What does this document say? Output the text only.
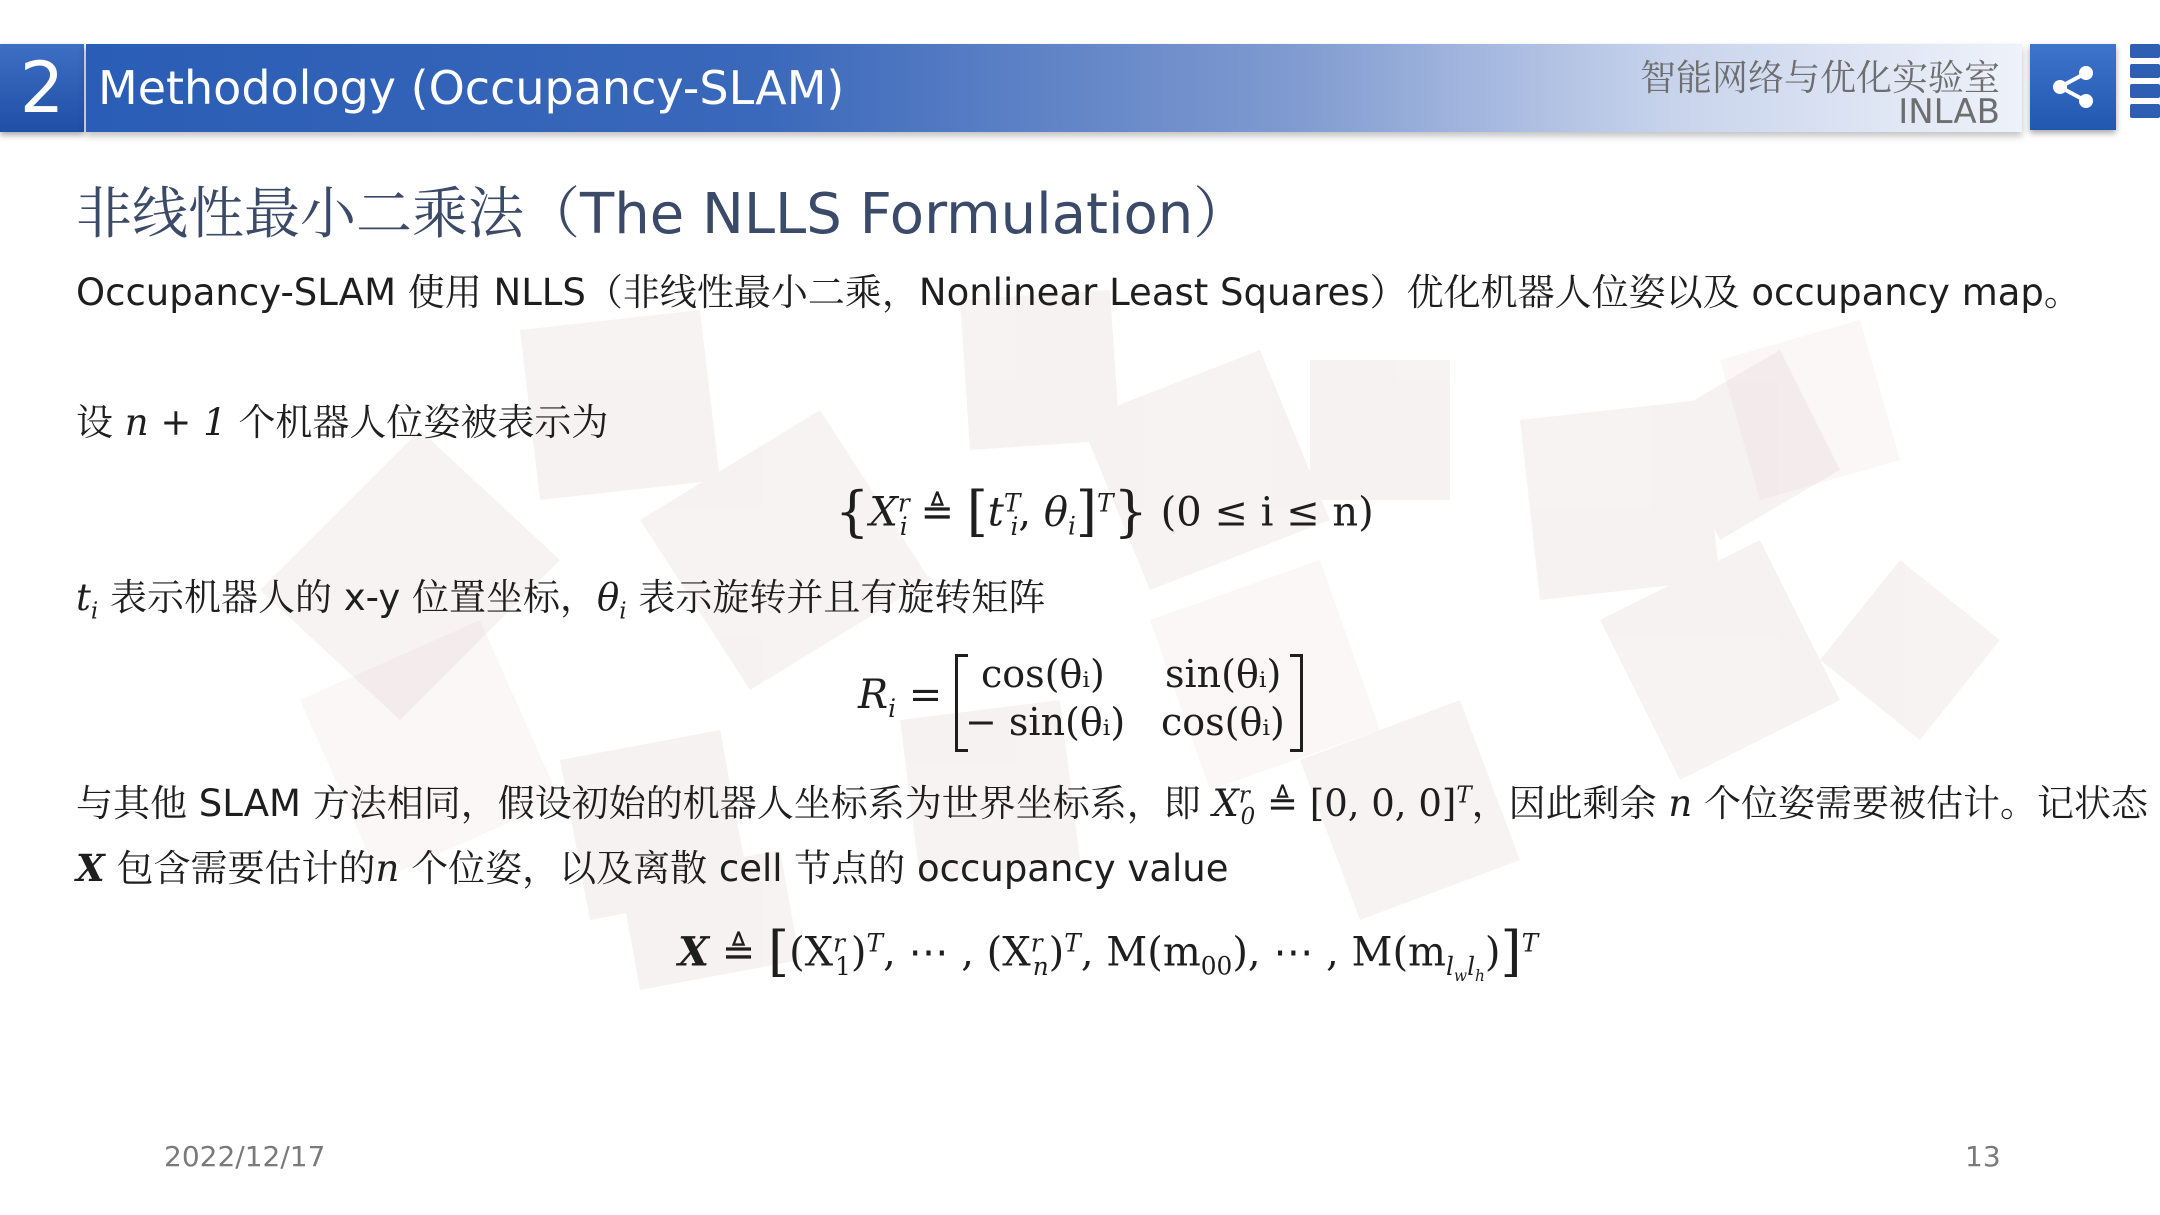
2 Methodology (Occupancy-SLAM)	智能网络与优化实验室
INLAB
非线性最小二乘法（The NLLS Formulation）
Occupancy-SLAM 使用 NLLS（非线性最小二乘，Nonlinear Least Squares）优化机器人位姿以及 occupancy map。
设 n + 1 个机器人位姿被表示为
{$X^r_i$ ≜ [$t^T_i$, $\theta_i]^T$} (0 ≤ i ≤ n)
$t_i$ 表示机器人的 x-y 位置坐标，$\theta_i$ 表示旋转并且有旋转矩阵
$R_i$ = cos(θᵢ) sin(θᵢ)
− sin(θᵢ) cos(θᵢ)
与其他 SLAM 方法相同，假设初始的机器人坐标系为世界坐标系，即 $X^r_0$ ≜ [0, 0, 0]$^T$，因此剩余 n 个位姿需要被估计。记状态
X 包含需要估计的n 个位姿，以及离散 cell 节点的 occupancy value
X ≜ [$(X^r_1)^T$, ⋯ , $(X^r_n)^T$, $M(m_{00})$, ⋯ , $M(m_{l_wl_h})]^T$
2022/12/17	13
